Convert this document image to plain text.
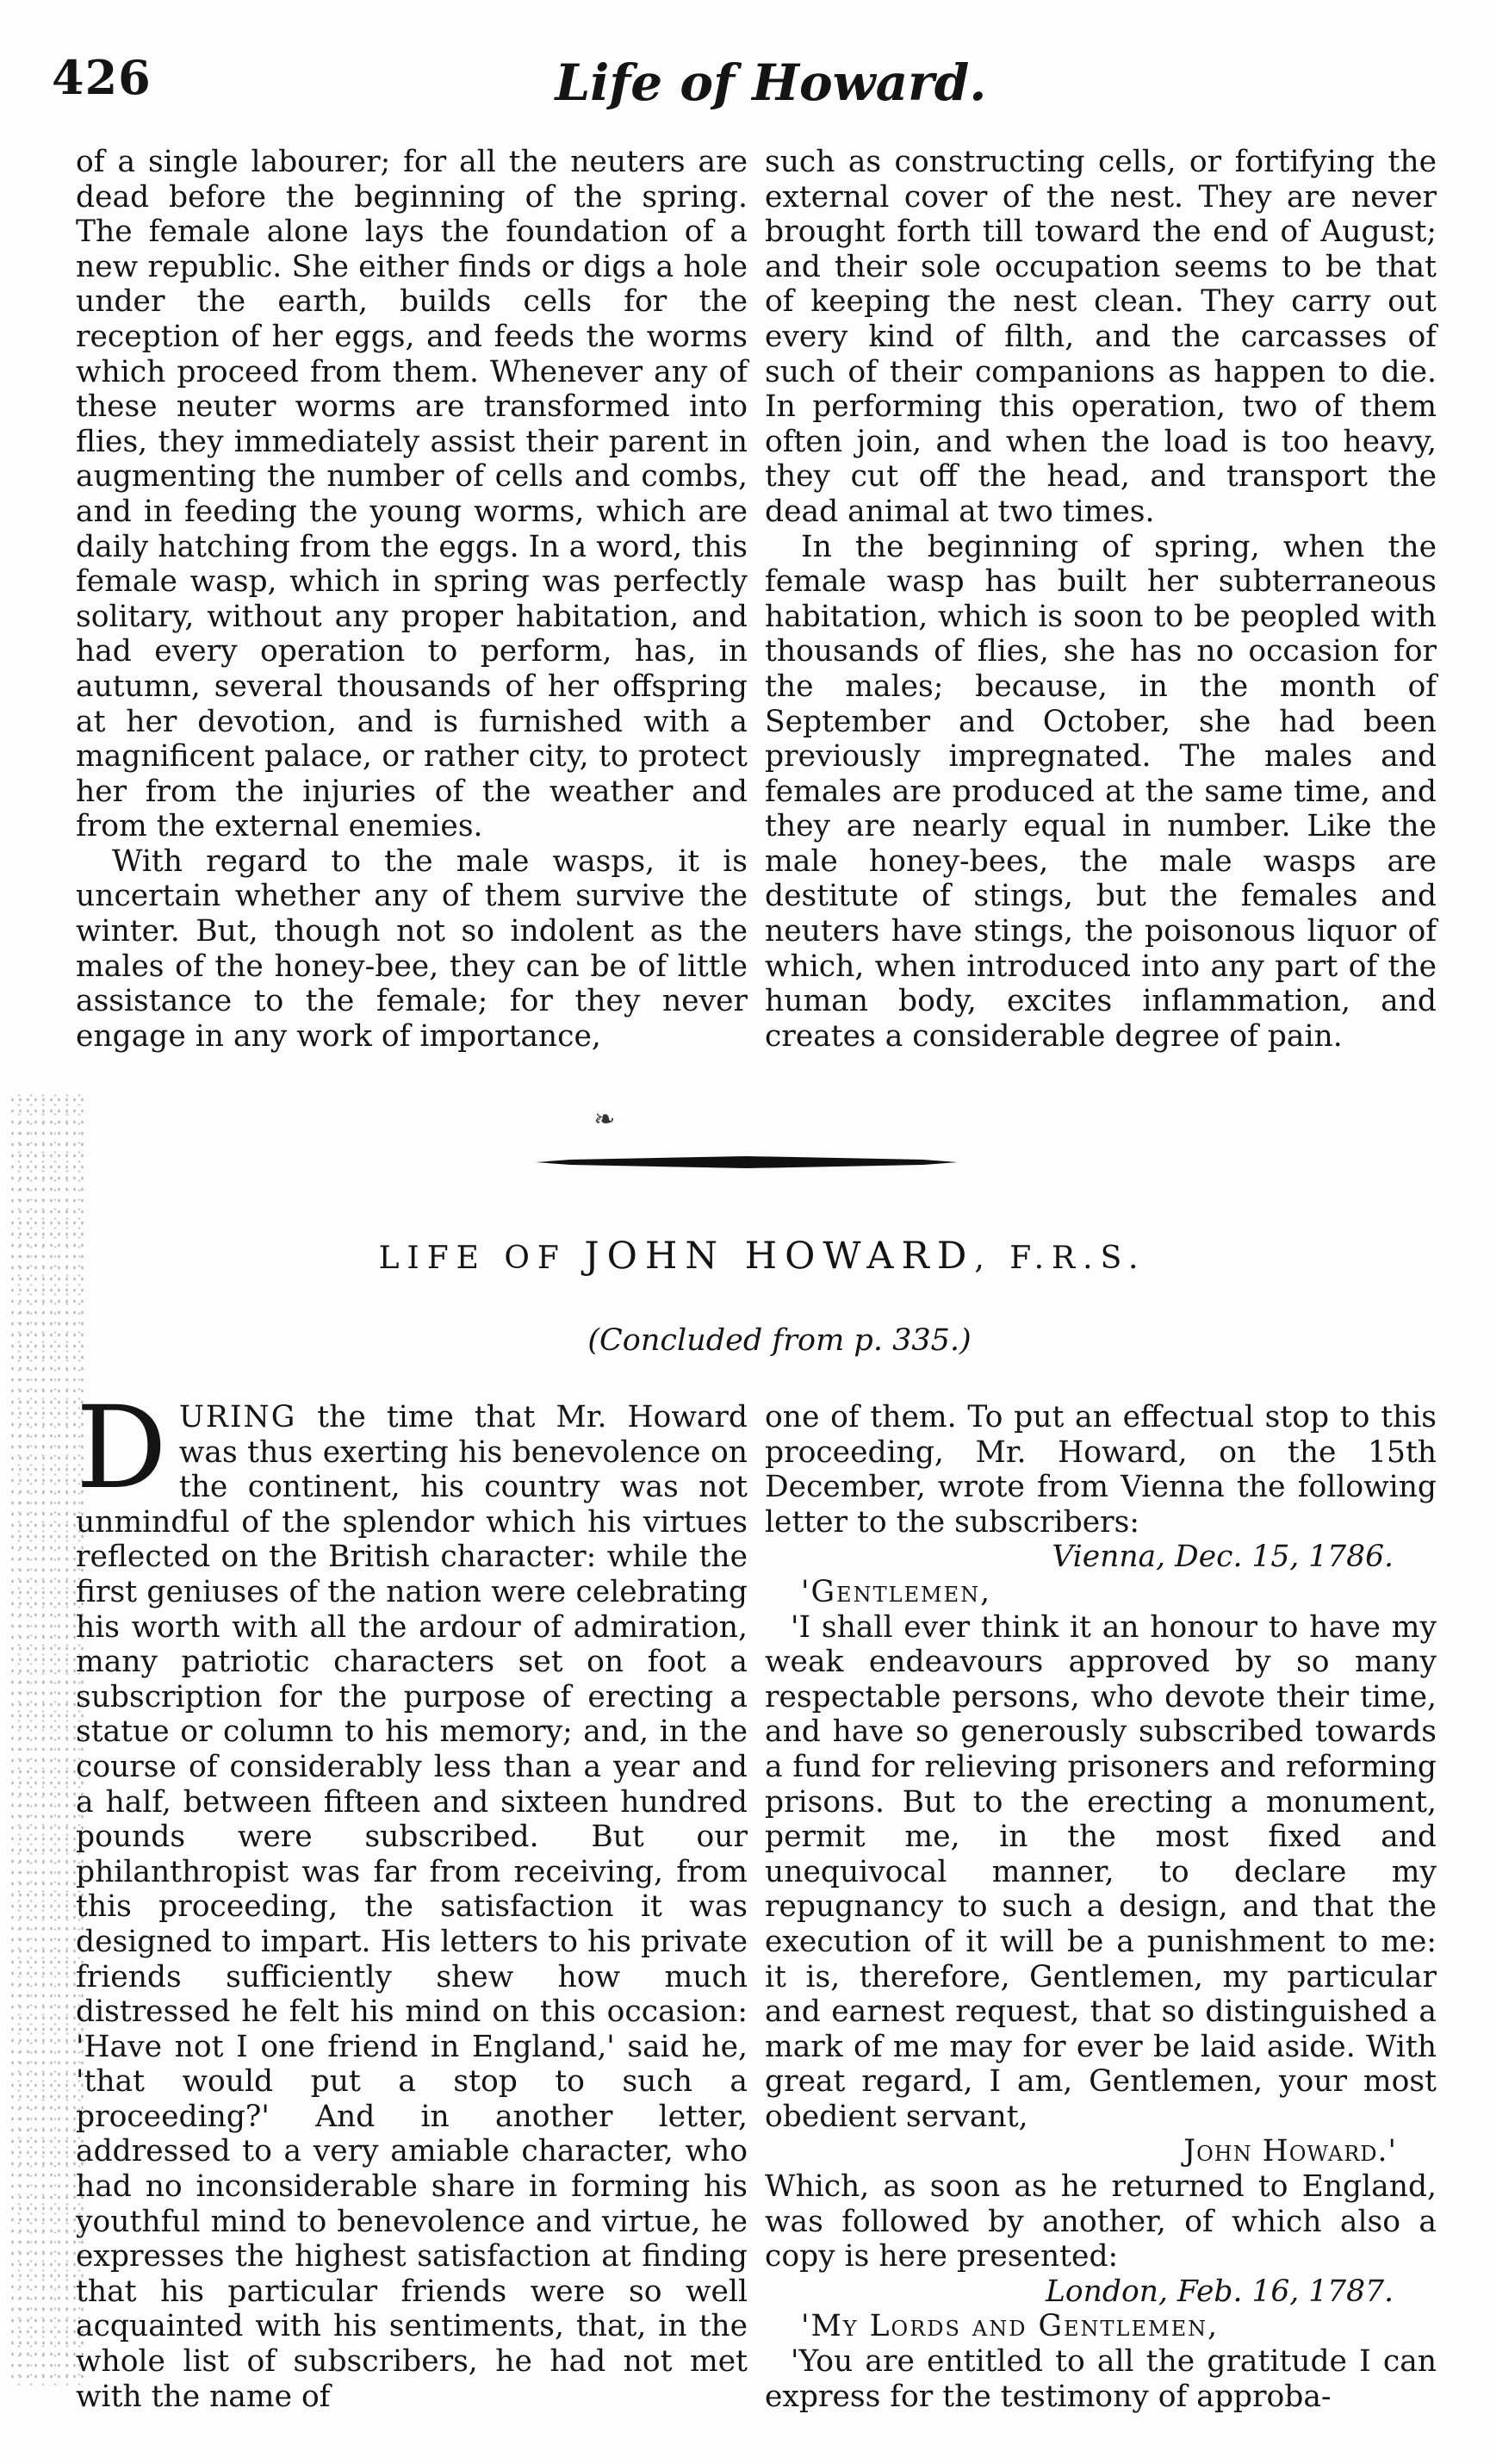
426	Life of Howard.

of a single labourer; for all the neuters are dead before the beginning of the spring. The female alone lays the foundation of a new republic. She either finds or digs a hole under the earth, builds cells for the reception of her eggs, and feeds the worms which proceed from them. Whenever any of these neuter worms are transformed into flies, they immediately assist their parent in augmenting the number of cells and combs, and in feeding the young worms, which are daily hatching from the eggs. In a word, this female wasp, which in spring was perfectly solitary, without any proper habitation, and had every operation to perform, has, in autumn, several thousands of her offspring at her devotion, and is furnished with a magnificent palace, or rather city, to protect her from the injuries of the weather and from the external enemies.

With regard to the male wasps, it is uncertain whether any of them survive the winter. But, though not so indolent as the males of the honey-bee, they can be of little assistance to the female; for they never engage in any work of importance,

such as constructing cells, or fortifying the external cover of the nest. They are never brought forth till toward the end of August; and their sole occupation seems to be that of keeping the nest clean. They carry out every kind of filth, and the carcasses of such of their companions as happen to die. In performing this operation, two of them often join, and when the load is too heavy, they cut off the head, and transport the dead animal at two times.

In the beginning of spring, when the female wasp has built her subterraneous habitation, which is soon to be peopled with thousands of flies, she has no occasion for the males; because, in the month of September and October, she had been previously impregnated. The males and females are produced at the same time, and they are nearly equal in number. Like the male honey-bees, the male wasps are destitute of stings, but the females and neuters have stings, the poisonous liquor of which, when introduced into any part of the human body, excites inflammation, and creates a considerable degree of pain.

❧
LIFE OF JOHN HOWARD, F.R.S.
(Concluded from p. 335.)

DURING the time that Mr. Howard was thus exerting his benevolence on the continent, his country was not unmindful of the splendor which his virtues reflected on the British character: while the first geniuses of the nation were celebrating his worth with all the ardour of admiration, many patriotic characters set on foot a subscription for the purpose of erecting a statue or column to his memory; and, in the course of considerably less than a year and a half, between fifteen and sixteen hundred pounds were subscribed. But our philanthropist was far from receiving, from this proceeding, the satisfaction it was designed to impart. His letters to his private friends sufficiently shew how much distressed he felt his mind on this occasion: 'Have not I one friend in England,' said he, 'that would put a stop to such a proceeding?' And in another letter, addressed to a very amiable character, who had no inconsiderable share in forming his youthful mind to benevolence and virtue, he expresses the highest satisfaction at finding that his particular friends were so well acquainted with his sentiments, that, in the whole list of subscribers, he had not met with the name of

one of them. To put an effectual stop to this proceeding, Mr. Howard, on the 15th December, wrote from Vienna the following letter to the subscribers:

Vienna, Dec. 15, 1786.

'Gentlemen,

'I shall ever think it an honour to have my weak endeavours approved by so many respectable persons, who devote their time, and have so generously subscribed towards a fund for relieving prisoners and reforming prisons. But to the erecting a monument, permit me, in the most fixed and unequivocal manner, to declare my repugnancy to such a design, and that the execution of it will be a punishment to me: it is, therefore, Gentlemen, my particular and earnest request, that so distinguished a mark of me may for ever be laid aside. With great regard, I am, Gentlemen, your most obedient servant,

John Howard.'

Which, as soon as he returned to England, was followed by another, of which also a copy is here presented:

London, Feb. 16, 1787.

'My Lords and Gentlemen,

'You are entitled to all the gratitude I can express for the testimony of approba-
